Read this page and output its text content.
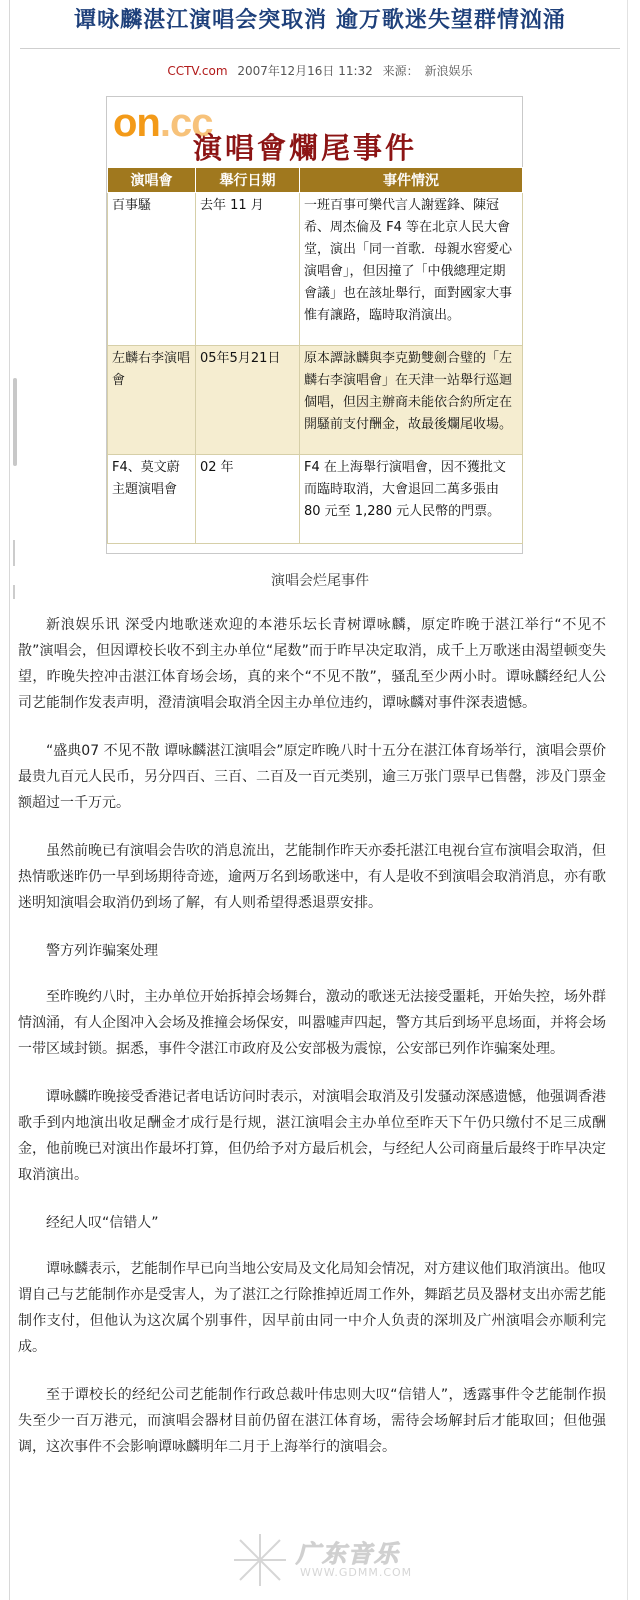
谭咏麟湛江演唱会突取消 逾万歌迷失望群情汹涌
CCTV.com 2007年12月16日 11:32 来源： 新浪娱乐
on.cc
演唱會爛尾事件
演唱會	舉行日期	事件情況
百事騷	去年 11 月	一班百事可樂代言人謝霆鋒、陳冠希、周杰倫及 F4 等在北京人民大會堂，演出「同一首歌．母親水窖愛心演唱會」，但因撞了「中俄總理定期會議」也在該址舉行，面對國家大事惟有讓路，臨時取消演出。
左麟右李演唱會	05年5月21日	原本譚詠麟與李克勤雙劍合璧的「左麟右李演唱會」在天津一站舉行巡迴個唱，但因主辦商未能依合約所定在開騷前支付酬金，故最後爛尾收場。
F4、莫文蔚主題演唱會	02 年	F4 在上海舉行演唱會，因不獲批文而臨時取消，大會退回二萬多張由 80 元至 1,280 元人民幣的門票。
演唱会烂尾事件

新浪娱乐讯 深受内地歌迷欢迎的本港乐坛长青树谭咏麟，原定昨晚于湛江举行“不见不散”演唱会，但因谭校长收不到主办单位“尾数”而于昨早决定取消，成千上万歌迷由渴望顿变失望，昨晚失控冲击湛江体育场会场，真的来个“不见不散”，骚乱至少两小时。谭咏麟经纪人公司艺能制作发表声明，澄清演唱会取消全因主办单位违约，谭咏麟对事件深表遗憾。

“盛典07 不见不散 谭咏麟湛江演唱会”原定昨晚八时十五分在湛江体育场举行，演唱会票价最贵九百元人民币，另分四百、三百、二百及一百元类别，逾三万张门票早已售罄，涉及门票金额超过一千万元。

虽然前晚已有演唱会告吹的消息流出，艺能制作昨天亦委托湛江电视台宣布演唱会取消，但热情歌迷昨仍一早到场期待奇迹，逾两万名到场歌迷中，有人是收不到演唱会取消消息，亦有歌迷明知演唱会取消仍到场了解，有人则希望得悉退票安排。

警方列诈骗案处理

至昨晚约八时，主办单位开始拆掉会场舞台，激动的歌迷无法接受噩耗，开始失控，场外群情汹涌，有人企图冲入会场及推撞会场保安，叫嚣嘘声四起，警方其后到场平息场面，并将会场一带区域封锁。据悉，事件令湛江市政府及公安部极为震惊，公安部已列作诈骗案处理。

谭咏麟昨晚接受香港记者电话访问时表示，对演唱会取消及引发骚动深感遗憾，他强调香港歌手到内地演出收足酬金才成行是行规，湛江演唱会主办单位至昨天下午仍只缴付不足三成酬金，他前晚已对演出作最坏打算，但仍给予对方最后机会，与经纪人公司商量后最终于昨早决定取消演出。

经纪人叹“信错人”

谭咏麟表示，艺能制作早已向当地公安局及文化局知会情况，对方建议他们取消演出。他叹谓自己与艺能制作亦是受害人，为了湛江之行除推掉近周工作外，舞蹈艺员及器材支出亦需艺能制作支付，但他认为这次属个别事件，因早前由同一中介人负责的深圳及广州演唱会亦顺利完成。

至于谭校长的经纪公司艺能制作行政总裁叶伟忠则大叹“信错人”，透露事件令艺能制作损失至少一百万港元，而演唱会器材目前仍留在湛江体育场，需待会场解封后才能取回；但他强调，这次事件不会影响谭咏麟明年二月于上海举行的演唱会。

广东音乐
WWW.GDMM.COM
